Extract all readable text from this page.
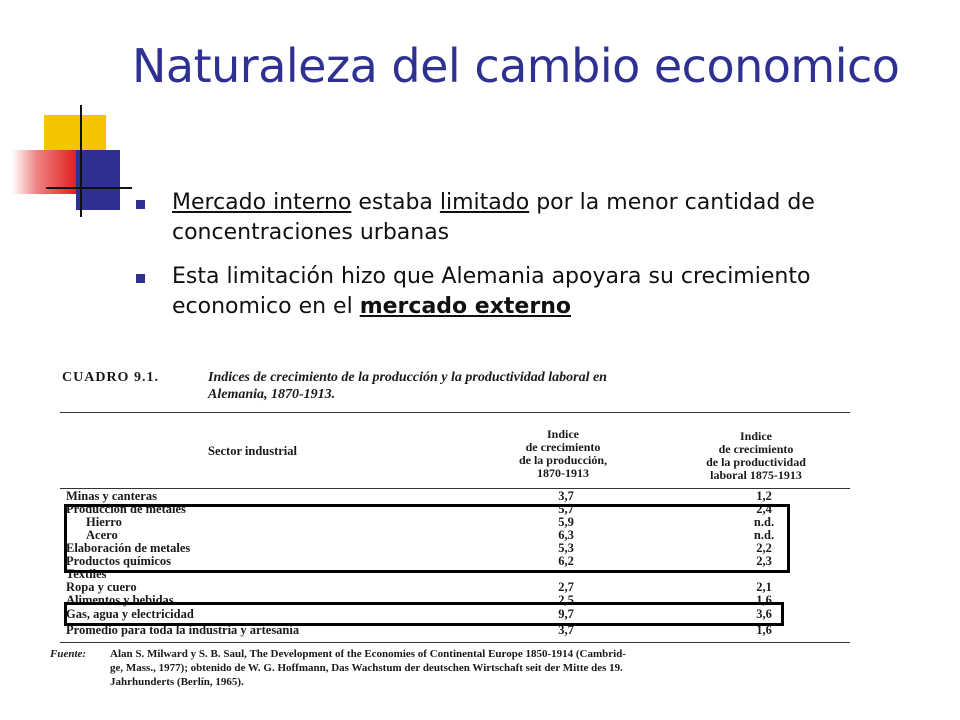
Naturaleza del cambio economico
Mercado interno estaba limitado por la menor cantidad de concentraciones urbanas
Esta limitación hizo que Alemania apoyara su crecimiento economico en el mercado externo
CUADRO 9.1.	Indices de crecimiento de la producción y la productividad laboral en
Alemania, 1870-1913.
Sector industrial
Indice
de crecimiento
de la producción,
1870-1913
Indice
de crecimiento
de la productividad
laboral 1875-1913
Minas y canteras	3,7	1,2
Producción de metales	5,7	2,4
Hierro	5,9	n.d.
Acero	6,3	n.d.
Elaboración de metales	5,3	2,2
Productos químicos	6,2	2,3
Textiles
Ropa y cuero	2,7	2,1
Alimentos y bebidas	2,5	1,6
Gas, agua y electricidad	9,7	3,6
Promedio para toda la industria y artesanía	3,7	1,6
Fuente: Alan S. Milward y S. B. Saul, The Development of the Economies of Continental Europe 1850-1914 (Cambrid-
ge, Mass., 1977); obtenido de W. G. Hoffmann, Das Wachstum der deutschen Wirtschaft seit der Mitte des 19.
Jahrhunderts (Berlín, 1965).
